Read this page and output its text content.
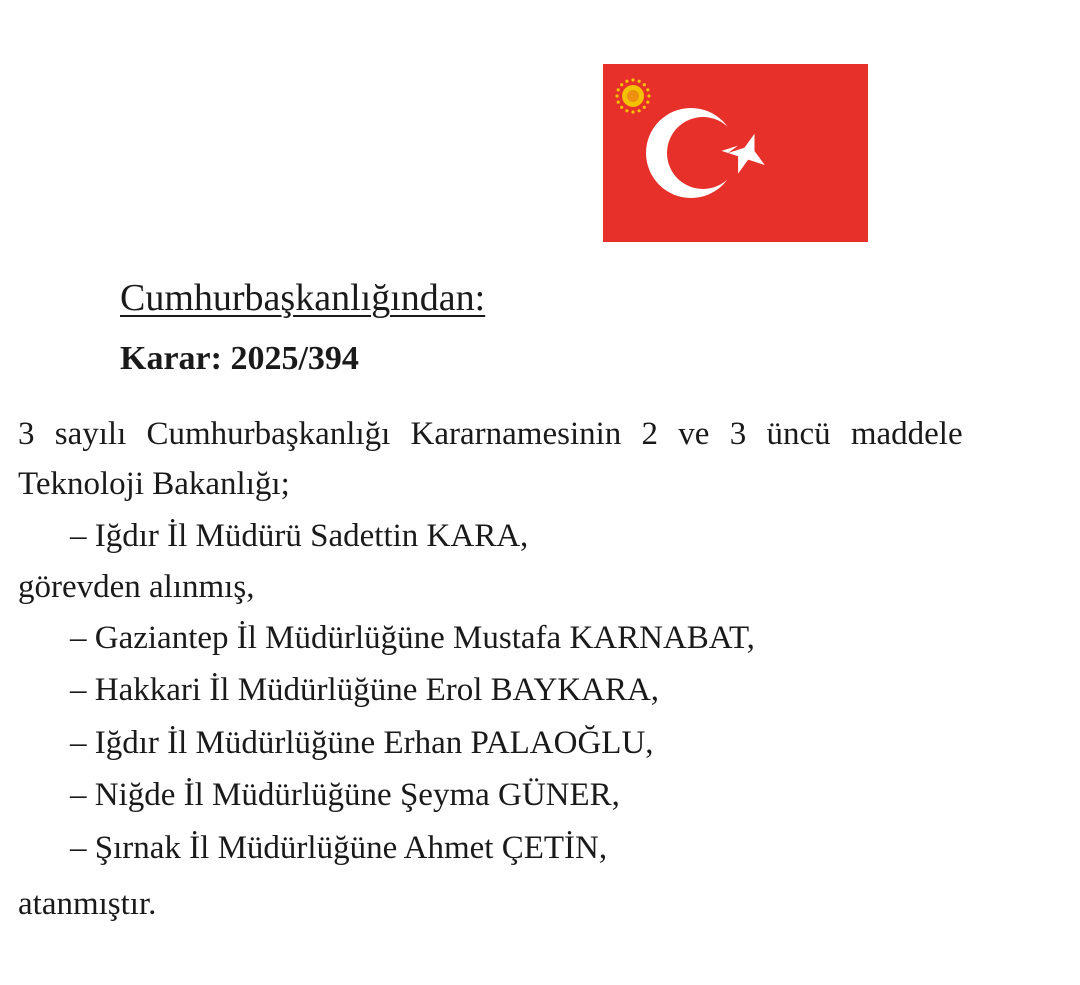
Cumhurbaşkanlığından:
Karar: 2025/394
3 sayılı Cumhurbaşkanlığı Kararnamesinin 2 ve 3 üncü maddele
Teknoloji Bakanlığı;
– Iğdır İl Müdürü Sadettin KARA,
görevden alınmış,
– Gaziantep İl Müdürlüğüne Mustafa KARNABAT,
– Hakkari İl Müdürlüğüne Erol BAYKARA,
– Iğdır İl Müdürlüğüne Erhan PALAOĞLU,
– Niğde İl Müdürlüğüne Şeyma GÜNER,
– Şırnak İl Müdürlüğüne Ahmet ÇETİN,
atanmıştır.
